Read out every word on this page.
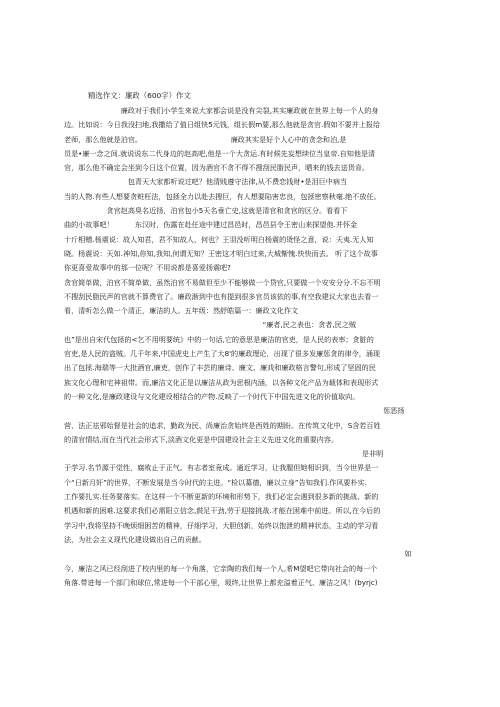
精选作文：廉政（600字）作文
　　　　　　　　廉政对于我们小学生来说大家都会说是没有尖裂,其实廉政就在世界上每一个人的身
边。比如说：今日我没扫地,我撒给了值日组快5元钱，组长假m要,那么他就是贪官.假如不要并上报给
老师，那么他就是泊官。　　　　　　　　　　　　　廉政其实是好个人心中的贪念和泊,是
员是•廉一念之间.就说说东二代身边的赵高吧,他是一个大贪运.有时候先妄想续位当皇帝.自知他是清
官，那么他不确定会坐到今日这个位置，因为酒官不贪不得不搜刮民脂民声，晒来的钱去送货肯。
　　　　　　　　　包青天大家都听说过吧？他清贱遵守法律,从不费恋钱财•是泪巨中病当
当的人物.有些人想要贪赃枉法，包拯全力以赴去搜巨，有人想要陷害忠良，包拯密察秋毫.绝不放任。
　　　　　　贪官赵高臭名近扬，泊官包小5天名垂亡史,这就是清官和贪官的区分。看看下
曲的小故事吧！　　　东汉时，伤露在赴任途中建过昌邑时，昌邑县令王密山来探望他.并怀金
十斤相赠.杨震说：故人知君，君不知故人，何也？王羽没听明白杨震的烫怪之意，说：夭夷.无人知
晓。杨震说：天如.神知,你知,我知,何谓无知？王密这才明白过来,大城惭愧.快快而去。 听了这个故事
你更喜爱故事中的那一位呢？不用说都是喜爱扬震吧?
贪官简单做，泊官不简单做，虽然泊官不易做但至少不能够做一个贷官,只要做一个安安分分.不忘不明
不搜刮民脂民声的官就不算费官了。廉政渐到中也有提到很多官员该依的事,有空我建议大家也去看一
看，清听怎么做一个清正，廉洁的人。五年级：然舒皓篇一：廉政文化作文
　　　　　　　　　　　　　　　　　　　　　　　　　　　　“廉者,民之表也：贪者,民之贼
也”是出自宋代包拯的<乞不用明要统》中的一句话,它的意思是廉洁的官吏，是人民的表率；贪脏的
官吏,是人民的盗贼。几千年来,中国虎史上产生了大8'的廉政理论，出现了很多发廉惩贪的律令，涌现
出了包拯.海瑞等一大批酒官,廉吏，创作了丰芸的廉诗、廉文、廉戏和廉政格言警句,形成了坚固的民
族文化心理和宅神祖带。而,廉洁文化正是以廉洁从政为思根内涵，以各种文化产品为载体和表现形式
的一种文化,是廉政建设与文化建设相结合的产物.反映了一个时代下中国先进文化的价值取向。
　　　　　　　　　　　　　　　　　　　　　　　　　　　　　　　　　　　　　　　　　　　　　惩恶扬
营、法正祛邪始督是社会的追求，勤政为民、尚廉治贪始终是西姓的期盼。在传筑文化中，S含若百姓
的清官情结,而在当代社会形式下,淡酒文化更是中国建设社会主义先进文化的重要内容。
　　　　　　　　　　　　　　　　　　　　　　　　　　　　　　　　　　　　　　　　　　是非明
于学习.名节源于觉性，腐败止于正气。有志者室竟成。通近学习，让我腥但她相识到，当今世界是一
个“日新月奸”的世界，不断发展是当今时代的主进。“检以募德，廉以立身”告知我们.作风要朴实.
工作要扎实.任务要落实。在这样一个不断更新的环境和形势下，我们必定会遇到很多新的挑战、新的
机遇和新的困难.这要求我们必需阳立信念,鼓足干劲,劳于迎接挑战.才能在困难中前进。所以,在今后的
学习中,我将坚持不晚烦细困苦的精神，仔细学习，大胆创新，始终以饱泄的精神状态，主动的学习看
法，为社会主义现代化建设做出自己的贡献。
　　　　　　　　　　　　　　　　　　　　　　　　　　　　　　　　　　　　　　　　　　　　　　　　如
今，廉洁之风已经刮进了校内里的每一个角落，它亲陶的我们每一个人,希M望吧它带向社会的每一个
角落.带进每一个部门和球位,常进每一个干部心里，圾终,让世界上都充溢着正气、廉洁之风！(byrjc)
